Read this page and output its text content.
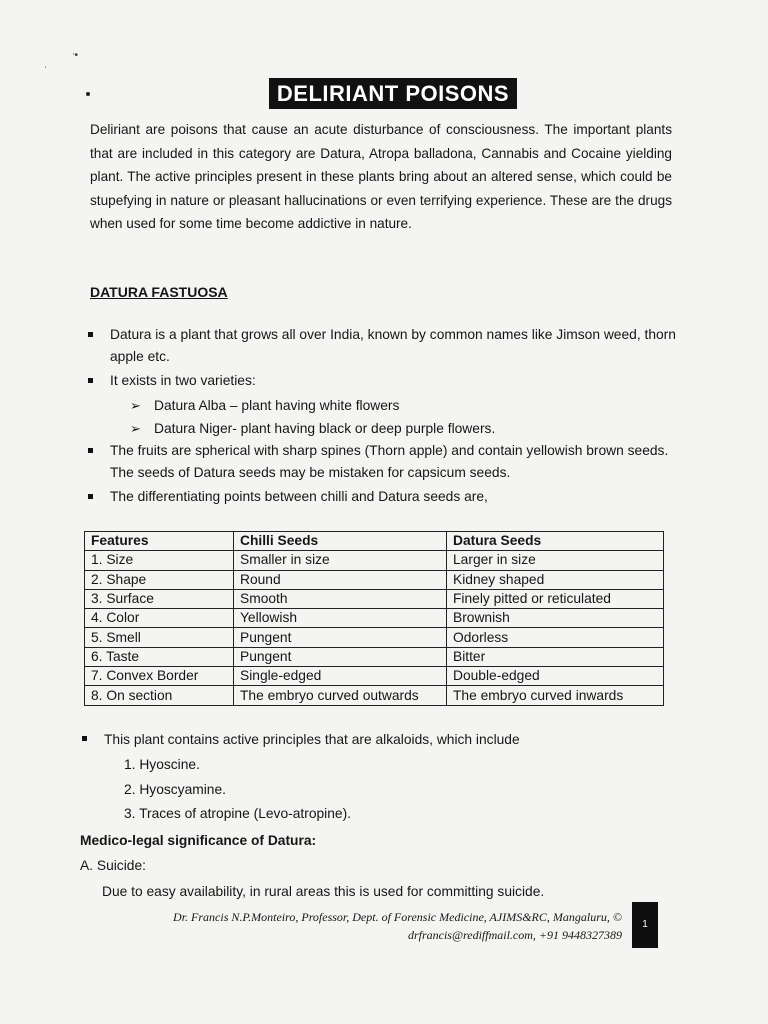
ᐧ•
ˌ
DELIRIANT POISONS
Deliriant are poisons that cause an acute disturbance of consciousness. The important plants that are included in this category are Datura, Atropa balladona, Cannabis and Cocaine yielding plant. The active principles present in these plants bring about an altered sense, which could be stupefying in nature or pleasant hallucinations or even terrifying experience. These are the drugs when used for some time become addictive in nature.
DATURA FASTUOSA
Datura is a plant that grows all over India, known by common names like Jimson weed, thorn apple etc.
It exists in two varieties:
➢ Datura Alba – plant having white flowers
➢ Datura Niger- plant having black or deep purple flowers.
The fruits are spherical with sharp spines (Thorn apple) and contain yellowish brown seeds. The seeds of Datura seeds may be mistaken for capsicum seeds.
The differentiating points between chilli and Datura seeds are,
Features	Chilli Seeds	Datura Seeds
1. Size	Smaller in size	Larger in size
2. Shape	Round	Kidney shaped
3. Surface	Smooth	Finely pitted or reticulated
4. Color	Yellowish	Brownish
5. Smell	Pungent	Odorless
6. Taste	Pungent	Bitter
7. Convex Border	Single-edged	Double-edged
8. On section	The embryo curved outwards	The embryo curved inwards
This plant contains active principles that are alkaloids, which include
1. Hyoscine.
2. Hyoscyamine.
3. Traces of atropine (Levo-atropine).
Medico-legal significance of Datura:
A. Suicide:
Due to easy availability, in rural areas this is used for committing suicide.
Dr. Francis N.P.Monteiro, Professor, Dept. of Forensic Medicine, AJIMS&RC, Mangaluru, ©
drfrancis@rediffmail.com, +91 9448327389
1
